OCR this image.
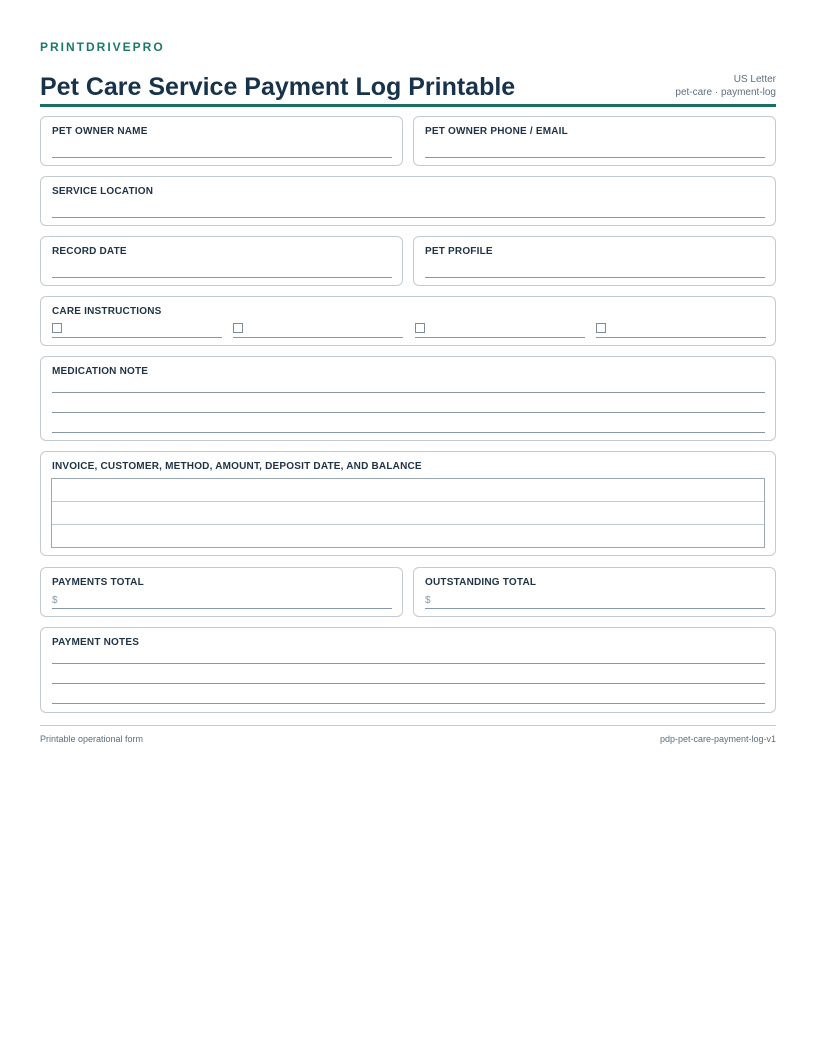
PRINTDRIVEPRO

Pet Care Service Payment Log Printable	US Letter
pet-care · payment-log

PET OWNER NAME	PET OWNER PHONE / EMAIL

SERVICE LOCATION

RECORD DATE	PET PROFILE

CARE INSTRUCTIONS

MEDICATION NOTE

INVOICE, CUSTOMER, METHOD, AMOUNT, DEPOSIT DATE, AND BALANCE

PAYMENTS TOTAL

$

OUTSTANDING TOTAL

$

PAYMENT NOTES

Printable operational form	pdp-pet-care-payment-log-v1
